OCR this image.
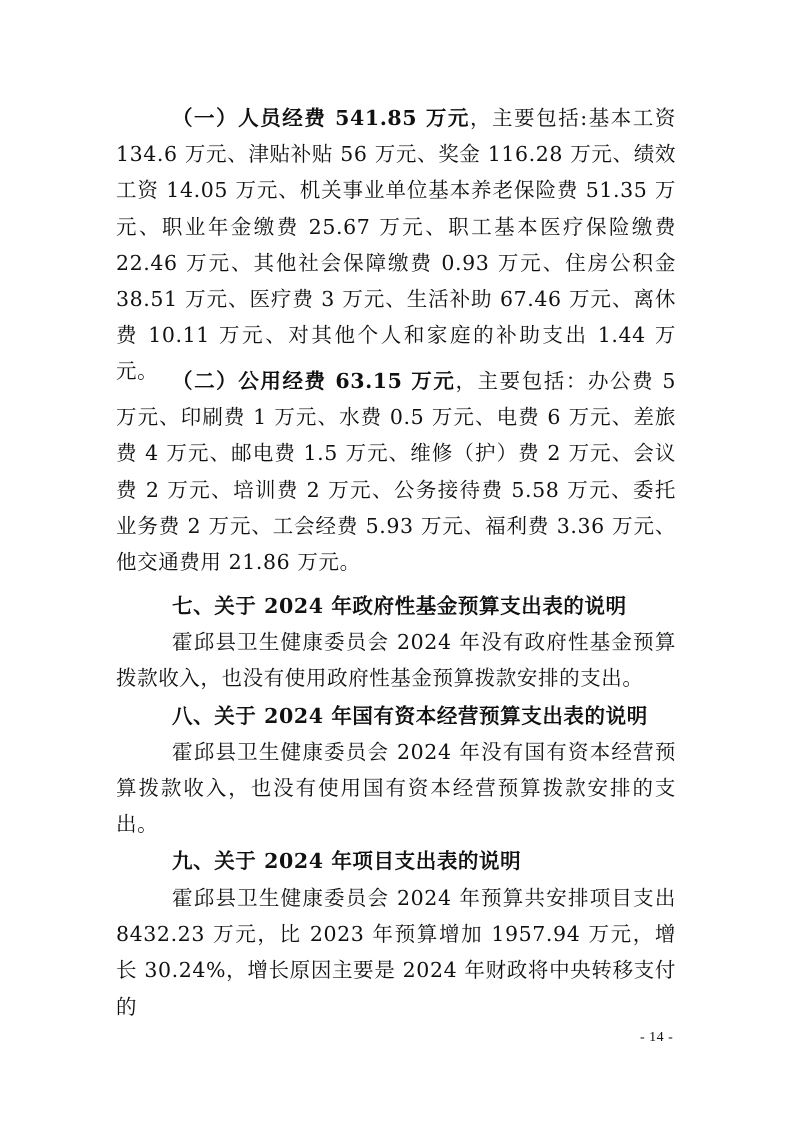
（一）人员经费 541.85 万元，主要包括:基本工资 134.6 万元、津贴补贴 56 万元、奖金 116.28 万元、绩效工资 14.05 万元、机关事业单位基本养老保险费 51.35 万元、职业年金缴费 25.67 万元、职工基本医疗保险缴费 22.46 万元、其他社会保障缴费 0.93 万元、住房公积金 38.51 万元、医疗费 3 万元、生活补助 67.46 万元、离休费 10.11 万元、对其他个人和家庭的补助支出 1.44 万元。 （二）公用经费 63.15 万元，主要包括：办公费 5 万元、印刷费 1 万元、水费 0.5 万元、电费 6 万元、差旅费 4 万元、邮电费 1.5 万元、维修（护）费 2 万元、会议费 2 万元、培训费 2 万元、公务接待费 5.58 万元、委托业务费 2 万元、工会经费 5.93 万元、福利费 3.36 万元、他交通费用 21.86 万元。

七、关于 2024 年政府性基金预算支出表的说明

霍邱县卫生健康委员会 2024 年没有政府性基金预算拨款收入，也没有使用政府性基金预算拨款安排的支出。

八、关于 2024 年国有资本经营预算支出表的说明

霍邱县卫生健康委员会 2024 年没有国有资本经营预算拨款收入，也没有使用国有资本经营预算拨款安排的支出。

九、关于 2024 年项目支出表的说明

霍邱县卫生健康委员会 2024 年预算共安排项目支出 8432.23 万元，比 2023 年预算增加 1957.94 万元，增长 30.24%，增长原因主要是 2024 年财政将中央转移支付的

- 14 -
